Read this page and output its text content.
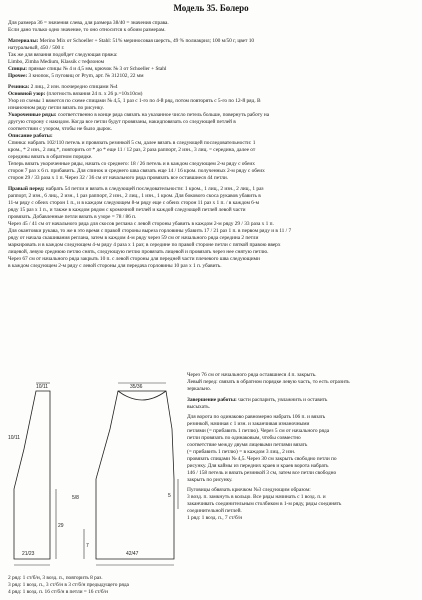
Модель 35. Болеро
Для размера 36 = значения слева, для размера 38/40 = значения справа.
Если дано только одно значение, то оно относится к обоим размерам.
Материалы: Merino Mix от Schoeller + Stahl: 51% мериносовая шерсть, 49 % полиакрил; 100 м/50 г, цвет 10
натуральный, 450 / 500 г.
Так же для вязания подойдет следующая пряжа:
Limbo, Zimba Medium, Klassik с тефлоном
Спицы: прямые спицы № 4 и 4,5 мм, крючок № 3 от Schoeller + Stahl
Прочее: 3 кнопок, 5 пуговиц от Prym, арт. № 312102, 22 мм
Резинка: 2 лиц., 2 изн. поочередно спицами №4
Основной узор: (плотность вязания 24 п. х 26 р.=10х10см)
Узор из схемы 1 вяжется по схеме спицами № 4,5, 1 раз с 1-го по 4-й ряд, потом повторять с 5-го по 12-й ряд. В
изнаночном ряду петли вязать по рисунку.
Укороченные ряды: соответственно в конце ряда связать на указанное число петель больше, повернуть работу на
другую сторону с накидом. Когда все петли будут провязаны, накидповязать со следующей петлей в
соответствии с узором, чтобы не было дырок.
Описание работы:
Спинка: набрать 102/110 петель и провязать резинкой 5 см, далее вязать в следующей последовательности: 1
кром., * 2 изн., 2 лиц.*, повторить от * до * еще 11 / 12 раз, 2 раза раппорт, 2 изн., 3 лиц. = середина, далее от
середины вязать в обратном порядке.
Теперь вязать укороченные ряды, начать со среднего: 18 / 26 петель и в каждом следующем 2-м ряду с обеих
сторон 7 раз х 6 п. прибавить. Для спинок и среднего шва связать еще 14 / 16 кром. полученных 2-м ряду с обеих
сторон 29 / 33 раза х 1 п. Через 32 / 36 см от начального ряда провязать все оставшиеся 44 петли.
Правый перед: набрать 54 петли и вязать в следующей последовательности: 1 кром., 1 лиц., 2 изн., 2 лиц., 1 раз
раппорт, 2 изн., 6 лиц., 2 изн., 1 раз раппорт, 2 изн., 2 лиц., 1 изн., 1 кром. Для бокового скоса рукавов убавить в
11-м ряду с обеих сторон 1 п., и в каждом следующем 8-м ряду еще с обеих сторон 11 раз х 1 п. / в каждом 6-м
ряду 15 раз х 1 п., и также в каждом рядом с кромочной петлей и каждой следующей петлей левой части
провязать. Добавленные петли вязать в узоре = 78 / 86 п.
Через 45 / 41 см от начального ряда для скосов реглана с левой стороны убавить в каждом 2-м ряду 29 / 33 раза х 1 п.
Для окантовки рукава, то же в это время с правой стороны выреза горловины убавить 17 / 21 раз 1 п. в первом ряду и в 11 / 7
ряду от начала скашивания реглана, затем в каждом 4-м ряду через 59 см от начального ряда середина 2 петли
маркировать и в каждом следующем 4-м ряду 4 раза х 1 раз; в середине по правой стороне петли с пяткой правою вверх
лицевой, левую среднюю петлю снять, следующую петлю провязать лицевой и провязать через нее снятую петлю.
Через 67 см от начального ряда закрыть 10 п. с левой стороны для передней части плечевого шва следующими
в каждом следующем 2-м ряду с левой стороны для передача горловины 10 раз х 1 п. убавить.
Через 76 см от начального ряда оставшиеся 4 п. закрыть.
Левый перед: связать в обратном порядке левую часть, то есть отразить
зеркально.
Завершение работы: части распарить, увлажнить и оставить
высыхать.
Для ворота по одинаково равномерно набрать 106 п. и вязать
резинкой, начиная с 1 изн. и заканчивая изнаночными
петлями (= прибавить 1 петлю). Через 5 см от начального ряда
петли провязать по одинаковым, чтобы совместно
соответствие между двумя лицевыми петлями вязать
(= прибавить 1 петлю) = в каждом 3 лиц., 2 изн.
провязать спицами № 4,5. Через 30 см закрыть свободно петли по
рисунку. Для каймы из передних краев и краев ворота набрать
146 / 158 петель и вязать резинкой 3 см, затем все петли свободно
закрыть по рисунку.
Пуговицы обвязать крючком №3 следующим образом:
3 возд. п. замкнуть в кольцо. Все ряды начинать с 1 возд. п. и
заканчивать соединительным столбиком в 1-м ряду, ряды соединять
соединительной петлей.
1 ряд: 1 возд. п., 7 ст/б/н
2 ряд: 1 ст/б/н, 3 возд. п., повторить 8 раз.
3 ряд: 1 возд. п., 3 ст/б/н в 3 ст/б/н предыдущего ряда
4 ряд: 1 возд. п. 16 ст/б/н в петли = 16 ст/б/н
35/36
10/11
10/11
29
5/8
21/23	42/47
7
5
